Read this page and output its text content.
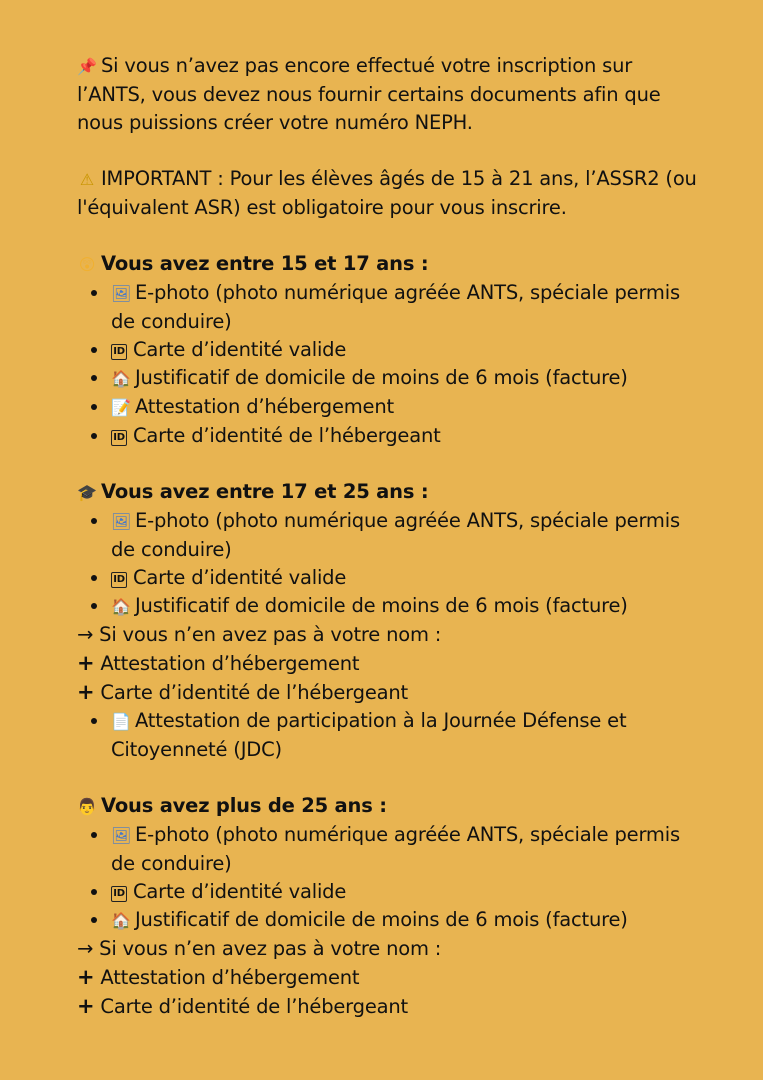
📌 Si vous n’avez pas encore effectué votre inscription sur l’ANTS, vous devez nous fournir certains documents afin que nous puissions créer votre numéro NEPH.

⚠ IMPORTANT : Pour les élèves âgés de 15 à 21 ans, l’ASSR2 (ou l'équivalent ASR) est obligatoire pour vous inscrire.

😲 Vous avez entre 15 et 17 ans :

🖼 E-photo (photo numérique agréée ANTS, spéciale permis de conduire)
ID Carte d’identité valide
🏠 Justificatif de domicile de moins de 6 mois (facture)
📝 Attestation d’hébergement
ID Carte d’identité de l’hébergeant

🎓 Vous avez entre 17 et 25 ans :

🖼 E-photo (photo numérique agréée ANTS, spéciale permis de conduire)
ID Carte d’identité valide
🏠 Justificatif de domicile de moins de 6 mois (facture)
→ Si vous n’en avez pas à votre nom :
+ Attestation d’hébergement
+ Carte d’identité de l’hébergeant
📄 Attestation de participation à la Journée Défense et Citoyenneté (JDC)

👨 Vous avez plus de 25 ans :

🖼 E-photo (photo numérique agréée ANTS, spéciale permis de conduire)
ID Carte d’identité valide
🏠 Justificatif de domicile de moins de 6 mois (facture)
→ Si vous n’en avez pas à votre nom :
+ Attestation d’hébergement
+ Carte d’identité de l’hébergeant
